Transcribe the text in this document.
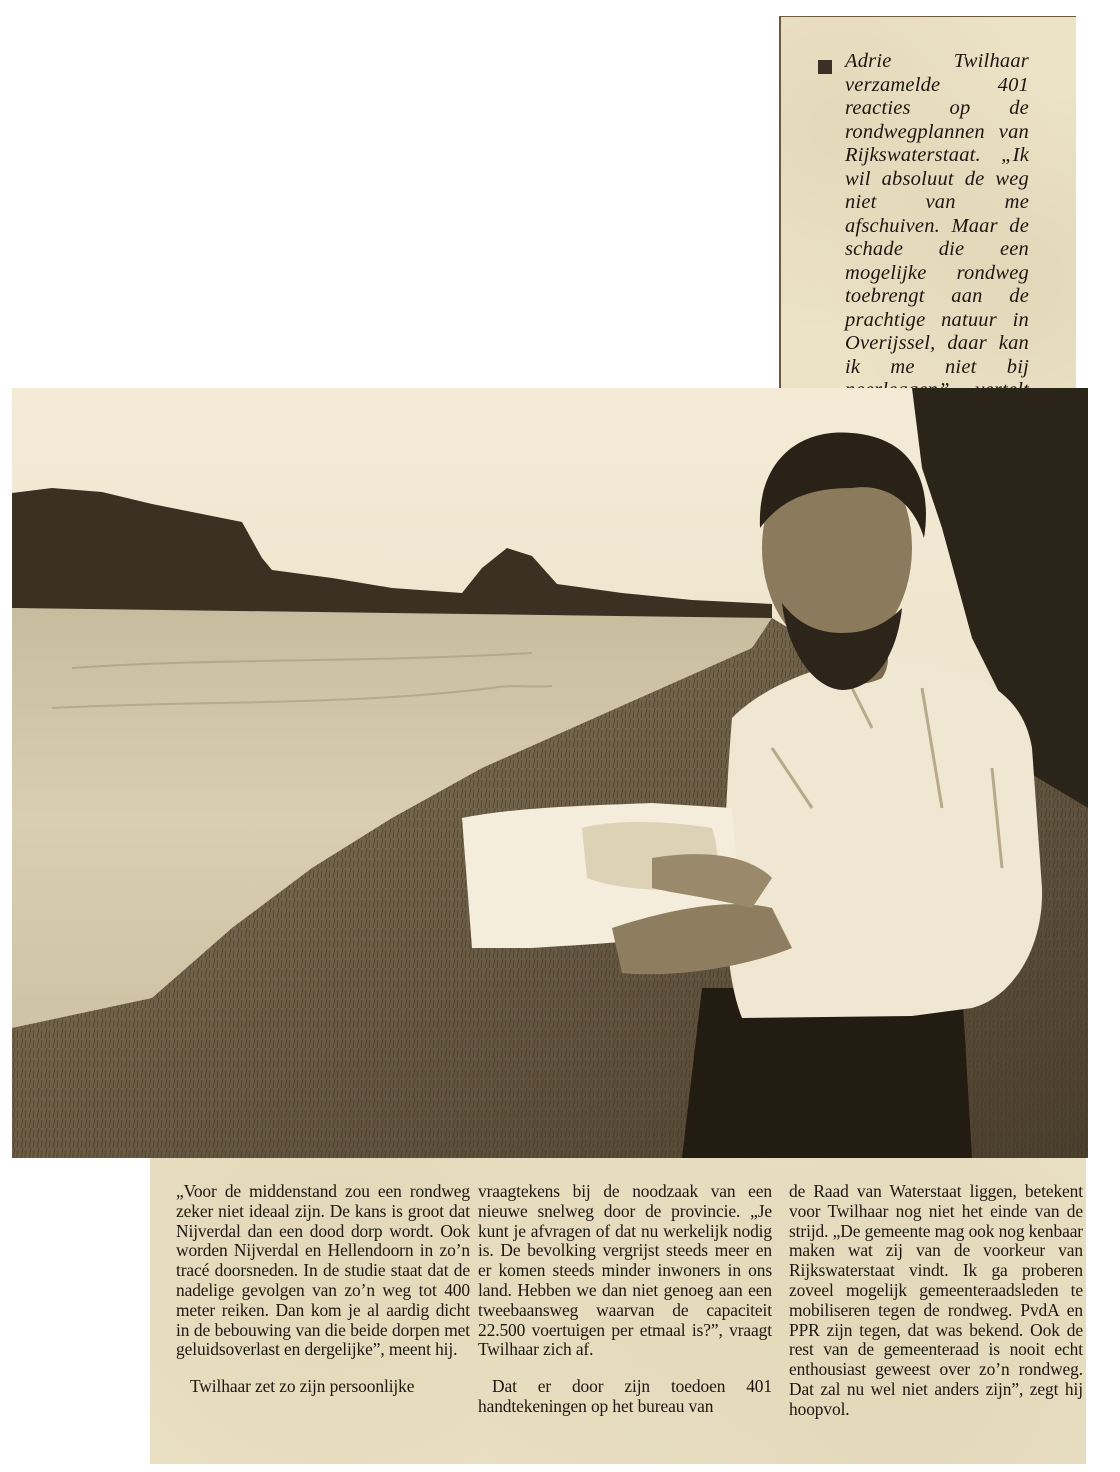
Adrie Twilhaar verzamelde 401 reacties op de rondwegplannen van Rijkswaterstaat. „Ik wil absoluut de weg niet van me afschuiven. Maar de schade die een mogelijke rondweg toebrengt aan de prachtige natuur in Overijssel, daar kan ik me niet bij

„Voor de middenstand zou een rondweg zeker niet ideaal zijn. De kans is groot dat Nijverdal dan een dood dorp wordt. Ook worden Nijverdal en Hellendoorn in zo’n tracé doorsneden. In de studie staat dat de nadelige gevolgen van zo’n weg tot 400 meter reiken. Dan kom je al aardig dicht in de bebouwing van die beide dorpen met geluidsoverlast en dergelijke”, meent hij.

Twilhaar zet zo zijn persoonlijke

vraagtekens bij de noodzaak van een nieuwe snelweg door de provincie. „Je kunt je afvragen of dat nu werkelijk nodig is. De bevolking vergrijst steeds meer en er komen steeds minder inwoners in ons land. Hebben we dan niet genoeg aan een tweebaansweg waarvan de capaciteit 22.500 voertuigen per etmaal is?”, vraagt Twilhaar zich af.

Dat er door zijn toedoen 401 handtekeningen op het bureau van

de Raad van Waterstaat liggen, betekent voor Twilhaar nog niet het einde van de strijd. „De gemeente mag ook nog kenbaar maken wat zij van de voorkeur van Rijkswaterstaat vindt. Ik ga proberen zoveel mogelijk gemeenteraadsleden te mobiliseren tegen de rondweg. PvdA en PPR zijn tegen, dat was bekend. Ook de rest van de gemeenteraad is nooit echt enthousiast geweest over zo’n rondweg. Dat zal nu wel niet anders zijn”, zegt hij hoopvol.
